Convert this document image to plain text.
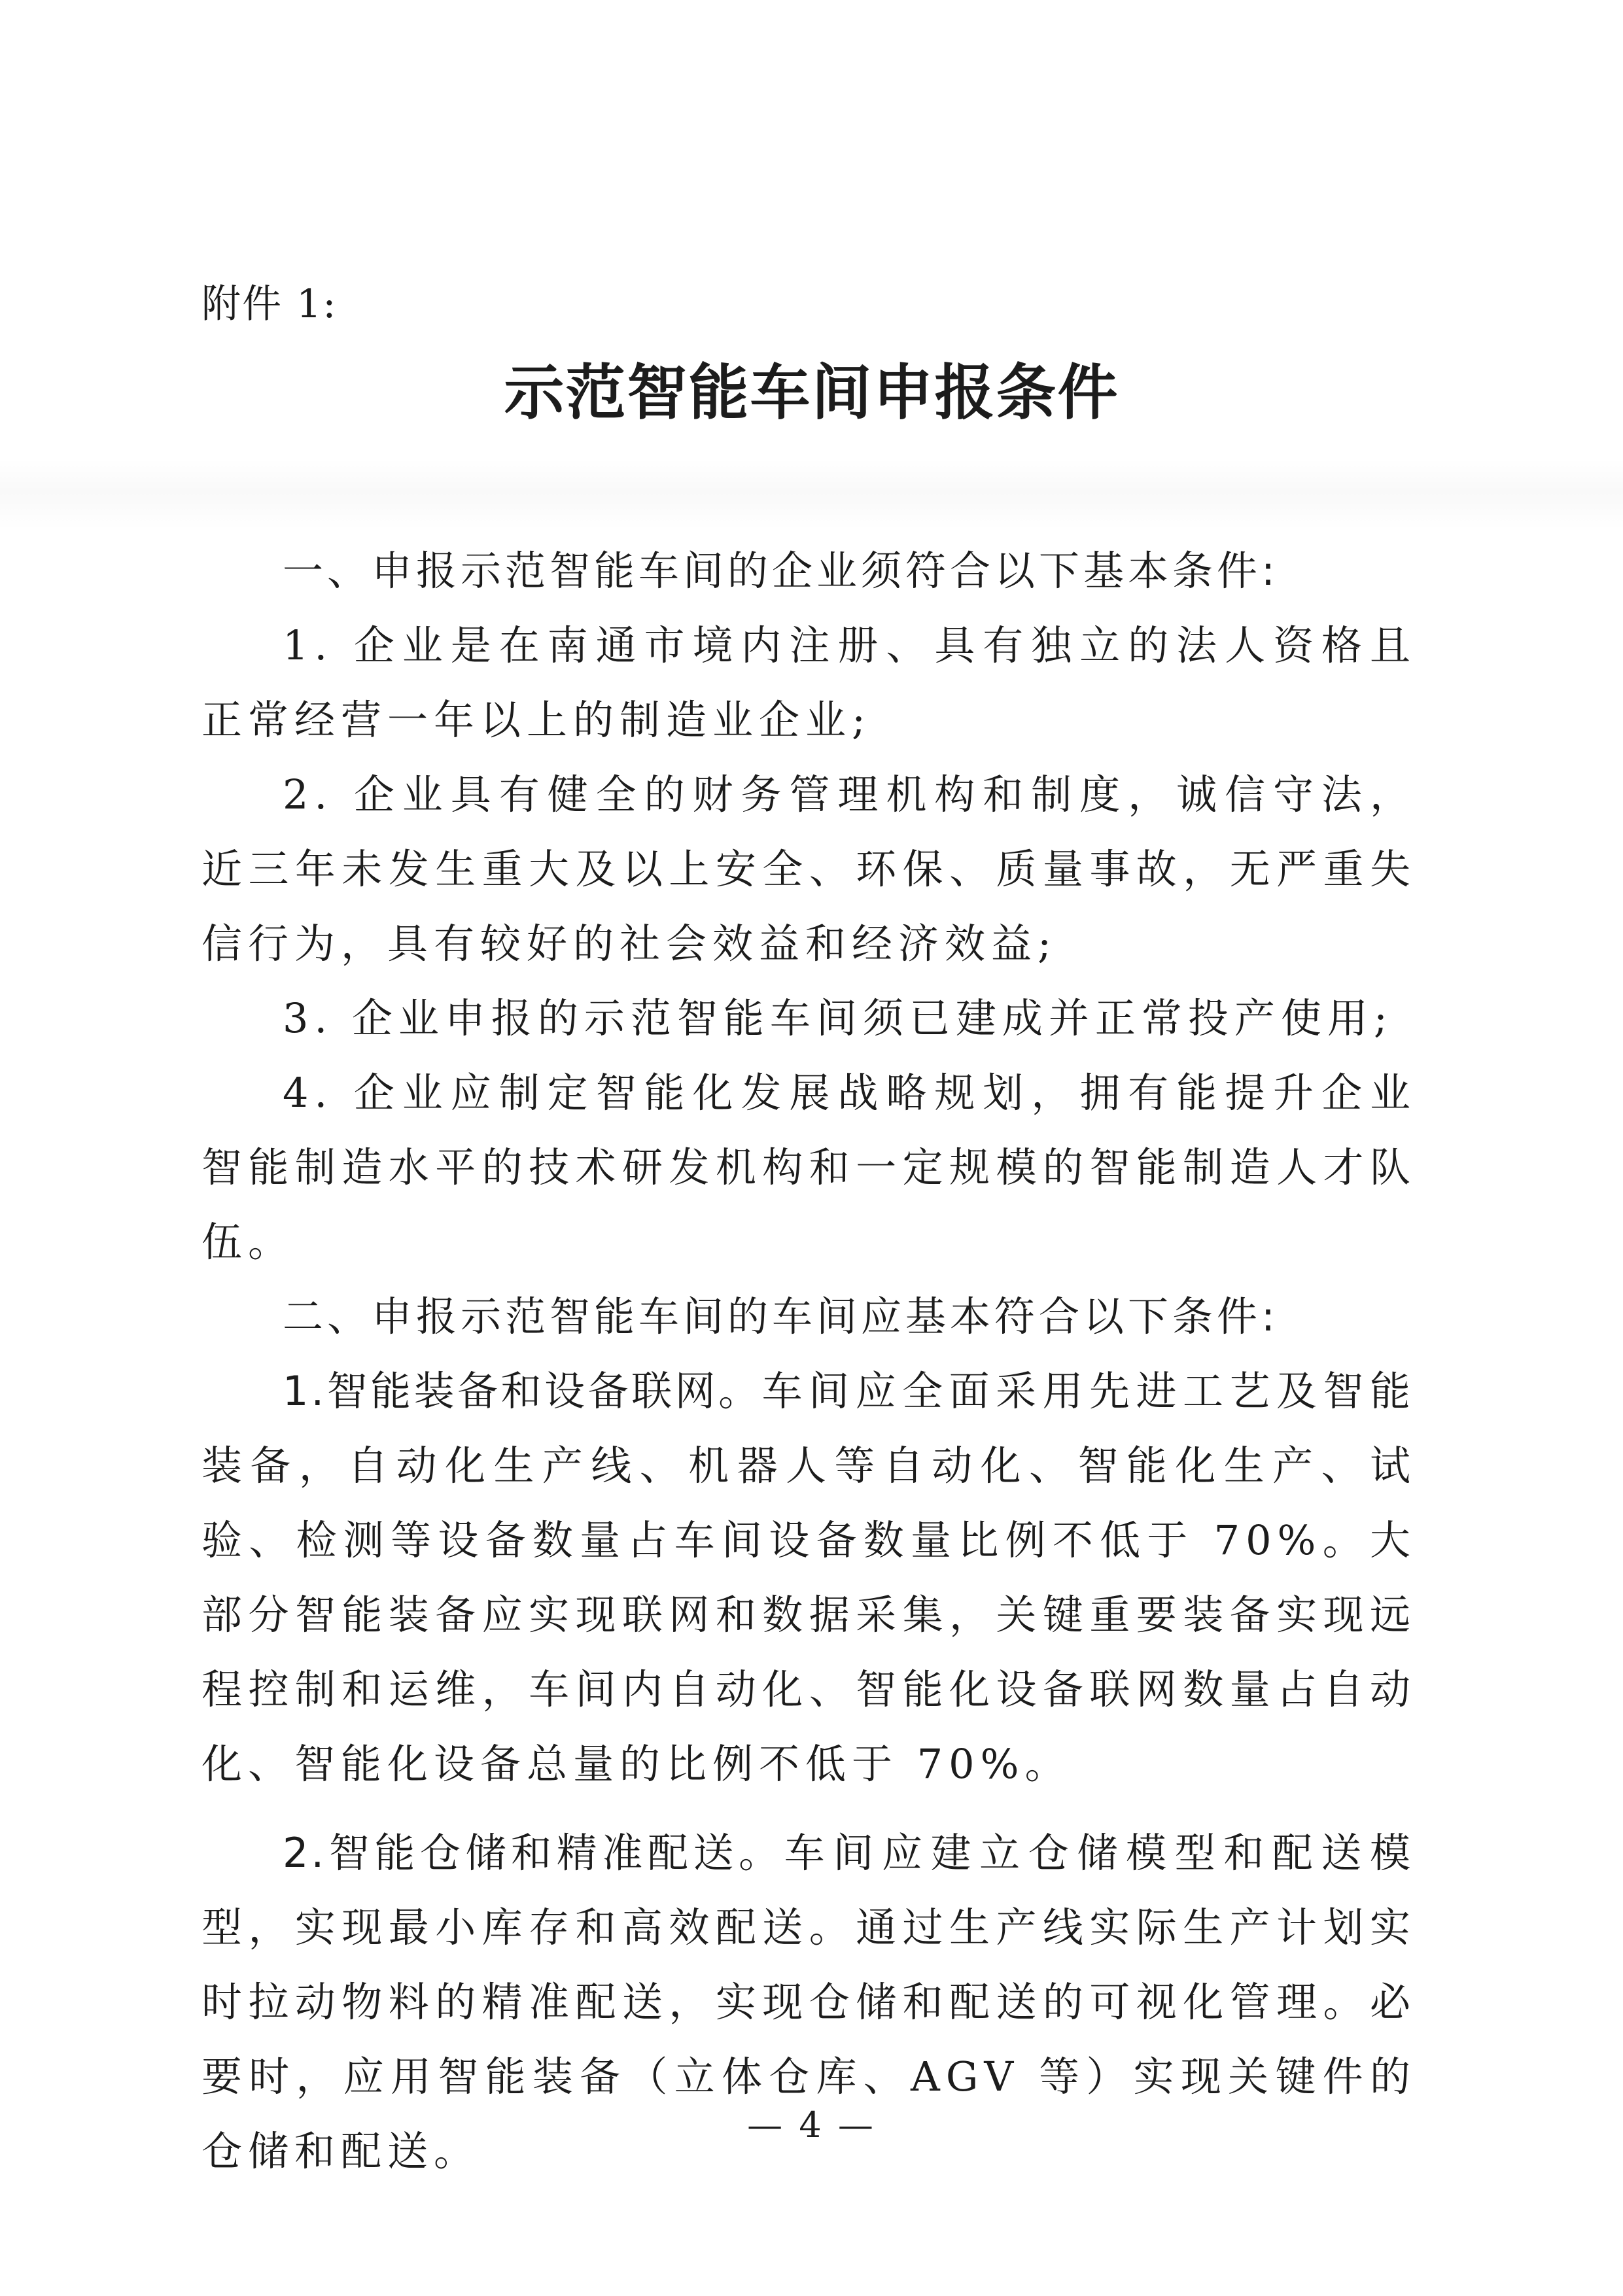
附件 1:
示范智能车间申报条件

一、申报示范智能车间的企业须符合以下基本条件:

1. 企业是在南通市境内注册、具有独立的法人资格且正常经营一年以上的制造业企业;

2. 企业具有健全的财务管理机构和制度，诚信守法，近三年未发生重大及以上安全、环保、质量事故，无严重失信行为，具有较好的社会效益和经济效益;

3. 企业申报的示范智能车间须已建成并正常投产使用;

4. 企业应制定智能化发展战略规划，拥有能提升企业智能制造水平的技术研发机构和一定规模的智能制造人才队伍。

二、申报示范智能车间的车间应基本符合以下条件:

1.智能装备和设备联网。车间应全面采用先进工艺及智能装备，自动化生产线、机器人等自动化、智能化生产、试验、检测等设备数量占车间设备数量比例不低于 70%。大部分智能装备应实现联网和数据采集，关键重要装备实现远程控制和运维，车间内自动化、智能化设备联网数量占自动化、智能化设备总量的比例不低于 70%。

2.智能仓储和精准配送。车间应建立仓储模型和配送模型，实现最小库存和高效配送。通过生产线实际生产计划实时拉动物料的精准配送，实现仓储和配送的可视化管理。必要时，应用智能装备（立体仓库、AGV 等）实现关键件的仓储和配送。

— 4 —
